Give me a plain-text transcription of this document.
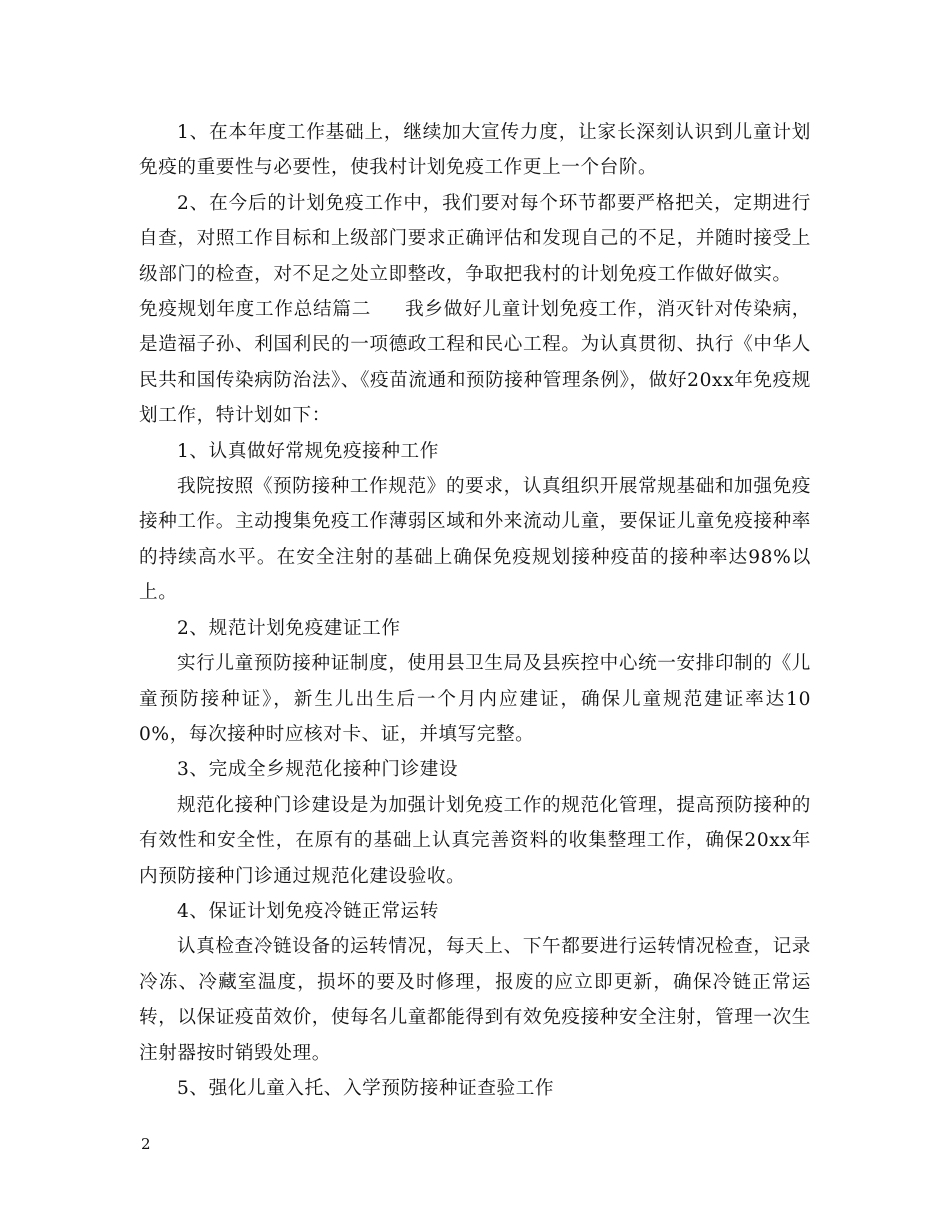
1、在本年度工作基础上，继续加大宣传力度，让家长深刻认识到儿童计划免疫的重要性与必要性，使我村计划免疫工作更上一个台阶。

2、在今后的计划免疫工作中，我们要对每个环节都要严格把关，定期进行自查，对照工作目标和上级部门要求正确评估和发现自己的不足，并随时接受上级部门的检查，对不足之处立即整改，争取把我村的计划免疫工作做好做实。

免疫规划年度工作总结篇二 我乡做好儿童计划免疫工作，消灭针对传染病，是造福子孙、利国利民的一项德政工程和民心工程。为认真贯彻、执行《中华人民共和国传染病防治法》、《疫苗流通和预防接种管理条例》，做好20xx年免疫规划工作，特计划如下：

1、认真做好常规免疫接种工作

我院按照《预防接种工作规范》的要求，认真组织开展常规基础和加强免疫接种工作。主动搜集免疫工作薄弱区域和外来流动儿童，要保证儿童免疫接种率的持续高水平。在安全注射的基础上确保免疫规划接种疫苗的接种率达98%以上。

2、规范计划免疫建证工作

实行儿童预防接种证制度，使用县卫生局及县疾控中心统一安排印制的《儿童预防接种证》，新生儿出生后一个月内应建证，确保儿童规范建证率达100%，每次接种时应核对卡、证，并填写完整。

3、完成全乡规范化接种门诊建设

规范化接种门诊建设是为加强计划免疫工作的规范化管理，提高预防接种的有效性和安全性，在原有的基础上认真完善资料的收集整理工作，确保20xx年内预防接种门诊通过规范化建设验收。

4、保证计划免疫冷链正常运转

认真检查冷链设备的运转情况，每天上、下午都要进行运转情况检查，记录冷冻、冷藏室温度，损坏的要及时修理，报废的应立即更新，确保冷链正常运转，以保证疫苗效价，使每名儿童都能得到有效免疫接种安全注射，管理一次生注射器按时销毁处理。

5、强化儿童入托、入学预防接种证查验工作

2
